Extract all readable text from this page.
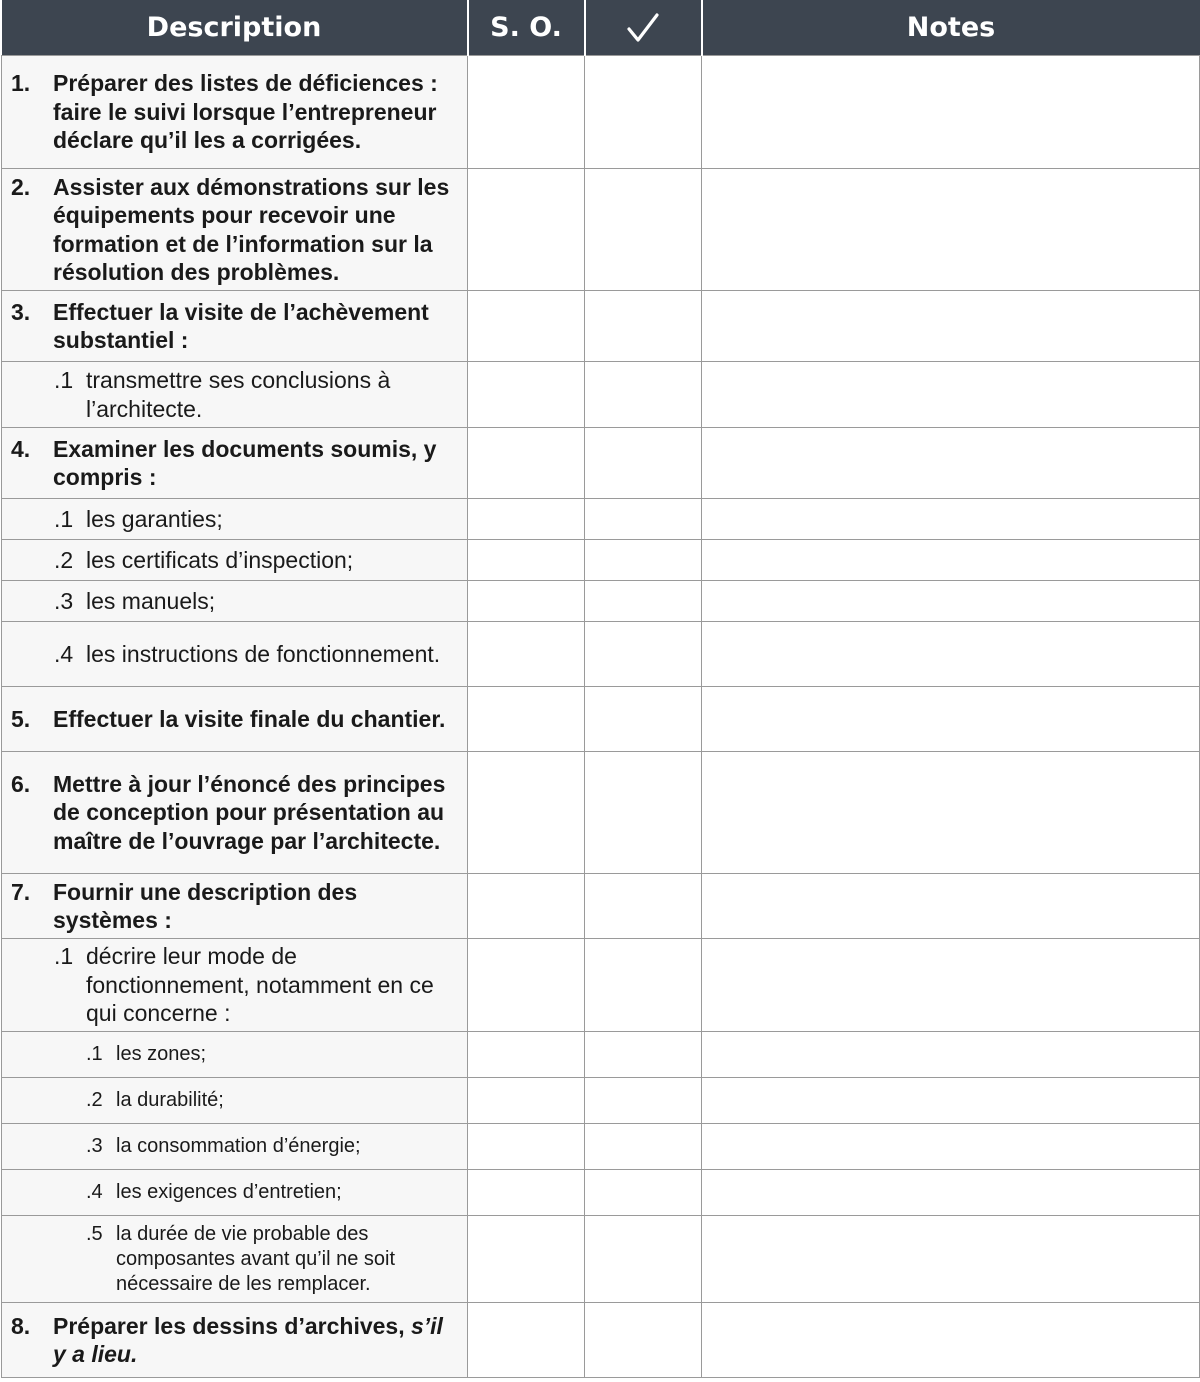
Description	S. O.		Notes

1. Préparer des listes de déficiences : faire le suivi lorsque l’entrepreneur déclare qu’il les a corrigées.			

2. Assister aux démonstrations sur les équipements pour recevoir une formation et de l’information sur la résolution des problèmes.			

3. Effectuer la visite de l’achèvement substantiel :			

.1 transmettre ses conclusions à l’architecte.			

4. Examiner les documents soumis, y compris :			

.1 les garanties;			

.2 les certificats d’inspection;			

.3 les manuels;			

.4 les instructions de fonctionnement.			

5. Effectuer la visite finale du chantier.			

6. Mettre à jour l’énoncé des principes de conception pour présentation au maître de l’ouvrage par l’architecte.			

7. Fournir une description des systèmes :			

.1 décrire leur mode de fonctionnement, notamment en ce qui concerne :			

.1 les zones;			

.2 la durabilité;			

.3 la consommation d’énergie;			

.4 les exigences d’entretien;			

.5 la durée de vie probable des composantes avant qu’il ne soit nécessaire de les remplacer.			

8. Préparer les dessins d’archives, s’il y a lieu.			
